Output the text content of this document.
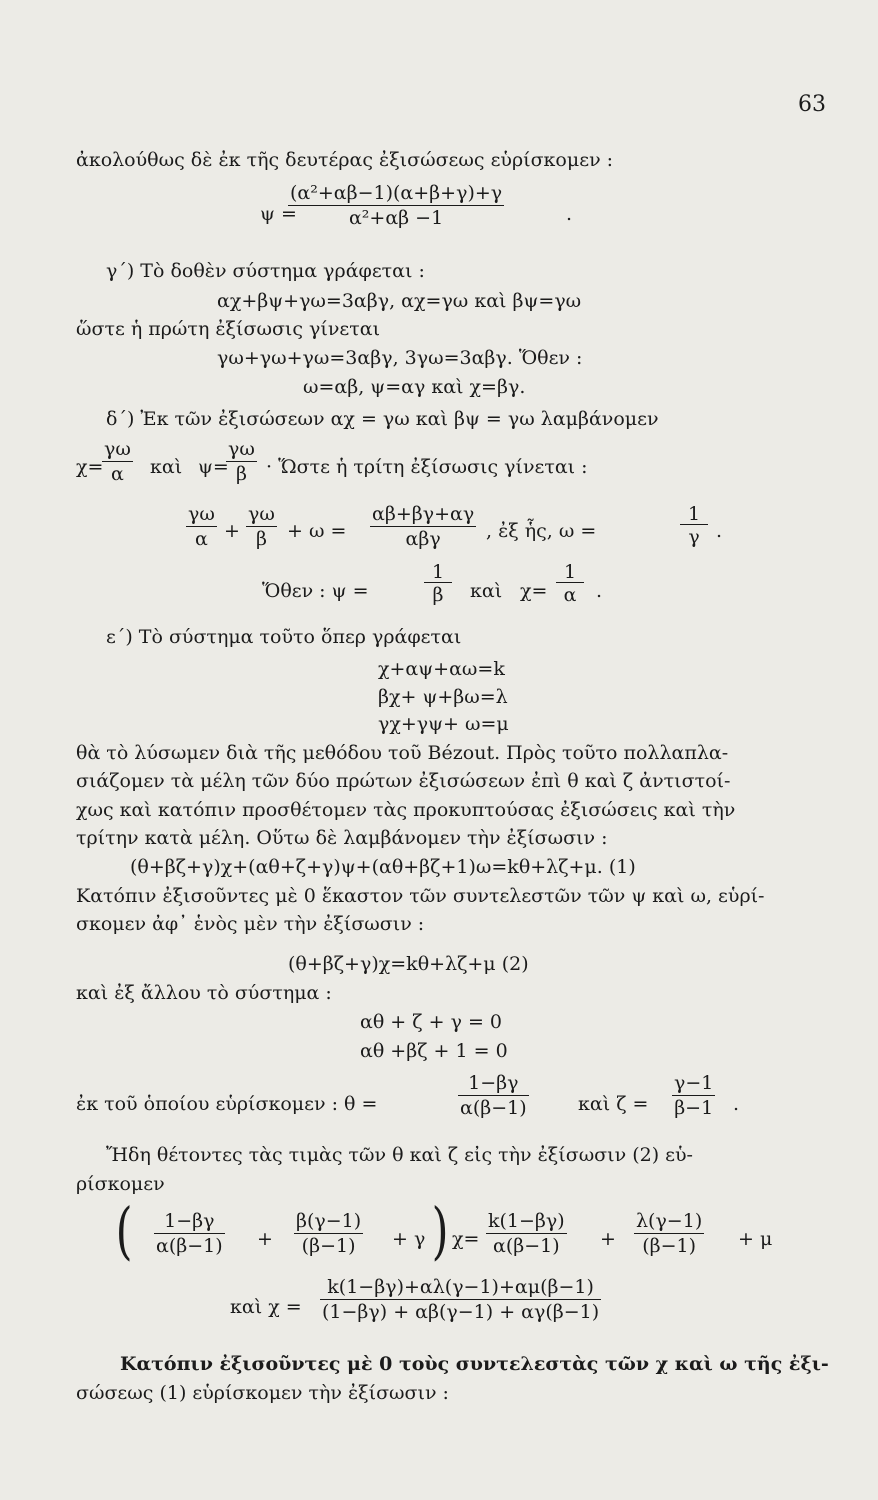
63
ἀκολούθως δὲ ἐκ τῆς δευτέρας ἐξισώσεως εὑρίσκομεν :
ψ =
$\frac{\text{(α²+αβ−1)(α+β+γ)+γ}}{\text{α²+αβ −1}}$	.
γ΄) Τὸ δοθὲν σύστημα γράφεται :
αχ+βψ+γω=3αβγ, αχ=γω καὶ βψ=γω
ὥστε ἡ πρώτη ἐξίσωσις γίνεται
γω+γω+γω=3αβγ, 3γω=3αβγ. Ὅθεν :
ω=αβ, ψ=αγ καὶ χ=βγ.
δ΄) Ἐκ τῶν ἐξισώσεων αχ = γω καὶ βψ = γω λαμβάνομεν
χ=
$\frac{\gamma\omega}{\alpha}$ καὶ ψ=
$\frac{\gamma\omega}{\beta}$ · Ὥστε ἡ τρίτη ἐξίσωσις γίνεται :
$\frac{\gamma\omega}{\alpha} + \frac{\gamma\omega}{\beta} + \omega$ =
αβ+βγ+αγ
αβγ	, ἐξ ἧς, ω =	$\frac{1}{\gamma}$ .
Ὅθεν : ψ =	$\frac{1}{\beta}$ καὶ $\chi= \frac{1}{\alpha}$ .
ε΄) Τὸ σύστημα τοῦτο ὅπερ γράφεται
χ+αψ+αω=k
βχ+ ψ+βω=λ
γχ+γψ+ ω=μ
θὰ τὸ λύσωμεν διὰ τῆς μεθόδου τοῦ Bézout. Πρὸς τοῦτο πολλαπλα-
σιάζομεν τὰ μέλη τῶν δύο πρώτων ἐξισώσεων ἐπὶ θ καὶ ζ ἀντιστοί-
χως καὶ κατόπιν προσθέτομεν τὰς προκυπτούσας ἐξισώσεις καὶ τὴν
τρίτην κατὰ μέλη. Οὕτω δὲ λαμβάνομεν τὴν ἐξίσωσιν :
(θ+βζ+γ)χ+(αθ+ζ+γ)ψ+(αθ+βζ+1)ω=kθ+λζ+μ. (1)
Κατόπιν ἐξισοῦντες μὲ 0 ἕκαστον τῶν συντελεστῶν τῶν ψ καὶ ω, εὑρί-
σκομεν ἀφ᾽ ἑνὸς μὲν τὴν ἐξίσωσιν :
(θ+βζ+γ)χ=kθ+λζ+μ (2)
καὶ ἐξ ἄλλου τὸ σύστημα :
αθ + ζ + γ = 0
αθ +βζ + 1 = 0
ἐκ τοῦ ὁποίου εὑρίσκομεν : θ =	$\frac{1-\beta\gamma}{\alpha(\beta-1)}$	καὶ $\zeta = \frac{\gamma-1}{\beta-1}$ .
Ἤδη θέτοντες τὰς τιμὰς τῶν θ καὶ ζ εἰς τὴν ἐξίσωσιν (2) εὑ-
ρίσκομεν
( $\frac{1-\beta\gamma}{\alpha(\beta-1)} + \frac{\beta(\gamma-1)}{(\beta-1)} + \gamma$ ) $\chi= \frac{k(1-\beta\gamma)}{\alpha(\beta-1)} + \frac{\lambda(\gamma-1)}{(\beta-1)} + \mu$
καὶ $\chi = \frac{k(1-\beta\gamma)+\alpha\lambda(\gamma-1)+\alpha\mu(\beta-1)}{(1-\beta\gamma) + \alpha\beta(\gamma-1) + \alpha\gamma(\beta-1)}$
Κατόπιν ἐξισοῦντες μὲ 0 τοὺς συντελεστὰς τῶν χ καὶ ω τῆς ἐξι-
σώσεως (1) εὑρίσκομεν τὴν ἐξίσωσιν :
